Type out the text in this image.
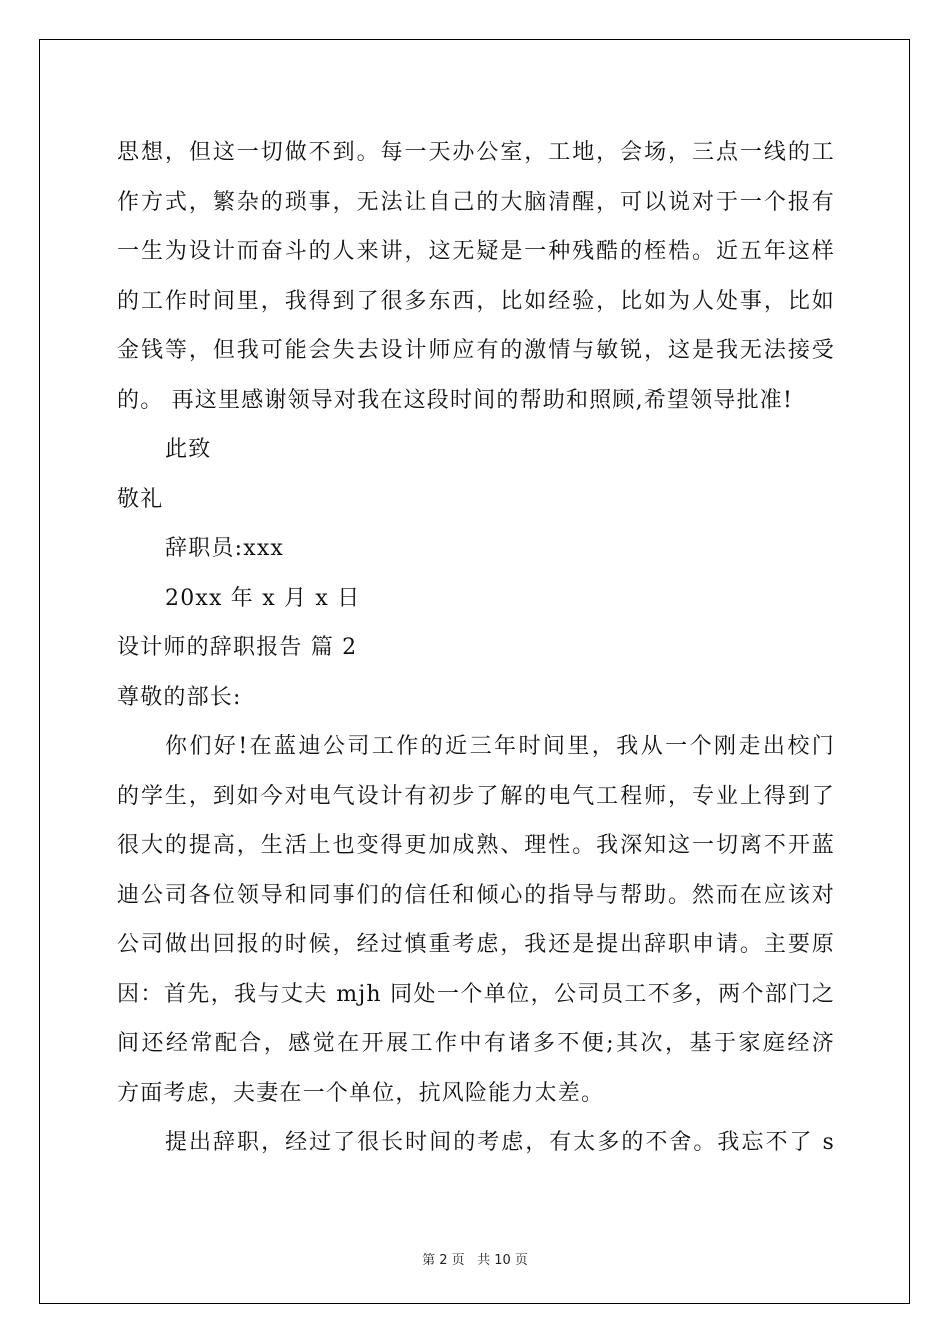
思想，但这一切做不到。每一天办公室，工地，会场，三点一线的工
作方式，繁杂的琐事，无法让自己的大脑清醒，可以说对于一个报有
一生为设计而奋斗的人来讲，这无疑是一种残酷的桎梏。近五年这样
的工作时间里，我得到了很多东西，比如经验，比如为人处事，比如
金钱等，但我可能会失去设计师应有的激情与敏锐，这是我无法接受
的。 再这里感谢领导对我在这段时间的帮助和照顾,希望领导批准!
此致
敬礼
辞职员:xxx
20xx 年 x 月 x 日
设计师的辞职报告 篇 2
尊敬的部长:
你们好!在蓝迪公司工作的近三年时间里，我从一个刚走出校门
的学生，到如今对电气设计有初步了解的电气工程师，专业上得到了
很大的提高，生活上也变得更加成熟、理性。我深知这一切离不开蓝
迪公司各位领导和同事们的信任和倾心的指导与帮助。然而在应该对
公司做出回报的时候，经过慎重考虑，我还是提出辞职申请。主要原
因：首先，我与丈夫 mjh 同处一个单位，公司员工不多，两个部门之
间还经常配合，感觉在开展工作中有诸多不便;其次，基于家庭经济
方面考虑，夫妻在一个单位，抗风险能力太差。
提出辞职，经过了很长时间的考虑，有太多的不舍。我忘不了 s
第 2 页 共 10 页
